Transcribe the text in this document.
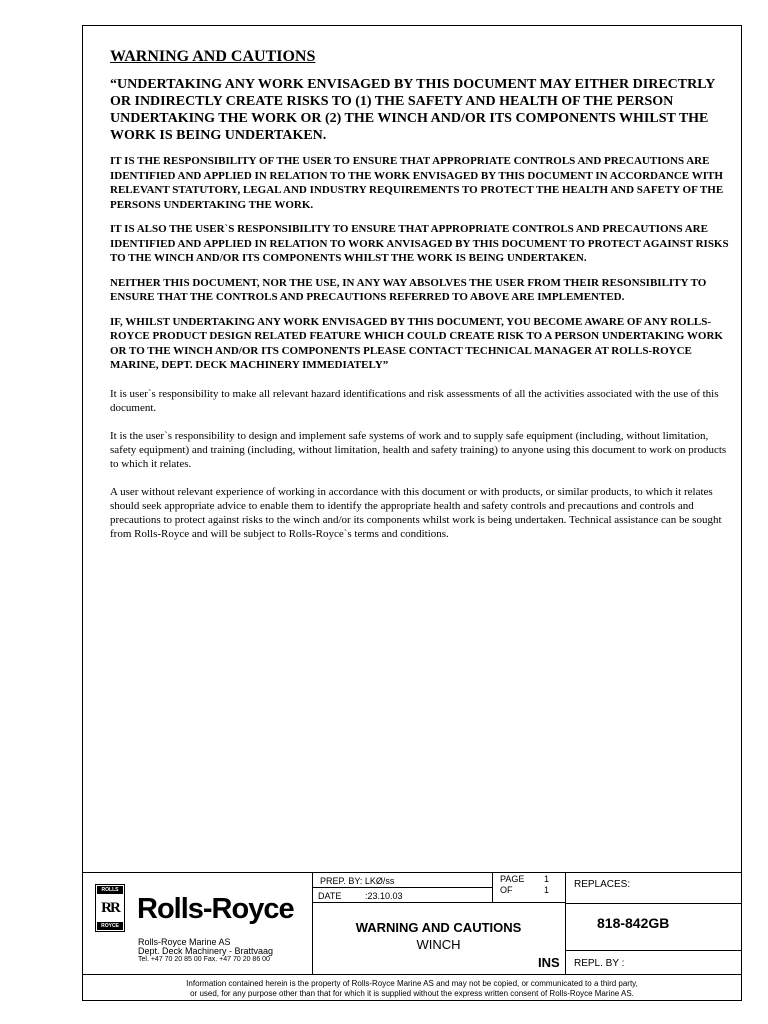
WARNING AND CAUTIONS
“UNDERTAKING ANY WORK ENVISAGED BY THIS DOCUMENT MAY EITHER DIRECTRLY OR INDIRECTLY CREATE RISKS TO (1) THE SAFETY AND HEALTH OF THE PERSON UNDERTAKING THE WORK OR (2) THE WINCH AND/OR ITS COMPONENTS WHILST THE WORK IS BEING UNDERTAKEN.
IT IS THE RESPONSIBILITY OF THE USER TO ENSURE THAT APPROPRIATE CONTROLS AND PRECAUTIONS ARE IDENTIFIED AND APPLIED IN RELATION TO THE WORK ENVISAGED BY THIS DOCUMENT IN ACCORDANCE WITH RELEVANT STATUTORY, LEGAL AND INDUSTRY REQUIREMENTS TO PROTECT THE HEALTH AND SAFETY OF THE PERSONS UNDERTAKING THE WORK.
IT IS ALSO THE USER`S RESPONSIBILITY TO ENSURE THAT APPROPRIATE CONTROLS AND PRECAUTIONS ARE IDENTIFIED AND APPLIED IN RELATION TO WORK ANVISAGED BY THIS DOCUMENT TO PROTECT AGAINST RISKS TO THE WINCH AND/OR ITS COMPONENTS WHILST THE WORK IS BEING UNDERTAKEN.
NEITHER THIS DOCUMENT, NOR THE USE, IN ANY WAY ABSOLVES THE USER FROM THEIR RESONSIBILITY TO ENSURE THAT THE CONTROLS AND PRECAUTIONS REFERRED TO ABOVE ARE IMPLEMENTED.
IF, WHILST UNDERTAKING ANY WORK ENVISAGED BY THIS DOCUMENT, YOU BECOME AWARE OF ANY ROLLS-ROYCE PRODUCT DESIGN RELATED FEATURE WHICH COULD CREATE RISK TO A PERSON UNDERTAKING WORK OR TO THE WINCH AND/OR ITS COMPONENTS PLEASE CONTACT TECHNICAL MANAGER AT ROLLS-ROYCE MARINE, DEPT. DECK MACHINERY IMMEDIATELY”
It is user`s responsibility to make all relevant hazard identifications and risk assessments of all the activities associated with the use of this document.
It is the user`s responsibility to design and implement safe systems of work and to supply safe equipment (including, without limitation, safety equipment) and training (including, without limitation, health and safety training) to anyone using this document to work on products to which it relates.
A user without relevant experience of working in accordance with this document or with products, or similar products, to which it relates should seek appropriate advice to enable them to identify the appropriate health and safety controls and precautions and controls and precautions to protect against risks to the winch and/or its components whilst work is being undertaken. Technical assistance can be sought from Rolls-Royce and will be subject to Rolls-Royce`s terms and conditions.
ROLLS
RR
ROYCE
Rolls-Royce
Rolls-Royce Marine AS
Dept. Deck Machinery - Brattvaag
Tel. +47 70 20 85 00 Fax. +47 70 20 86 00
PREP. BY: LKØ/ss
DATE	:23.10.03
PAGE 1
OF	1 REPLACES:
818-842GB
WARNING AND CAUTIONS
WINCH
INS REPL. BY :
Information contained herein is the property of Rolls-Royce Marine AS and may not be copied, or communicated to a third party,
or used, for any purpose other than that for which it is supplied without the express written consent of Rolls-Royce Marine AS.
